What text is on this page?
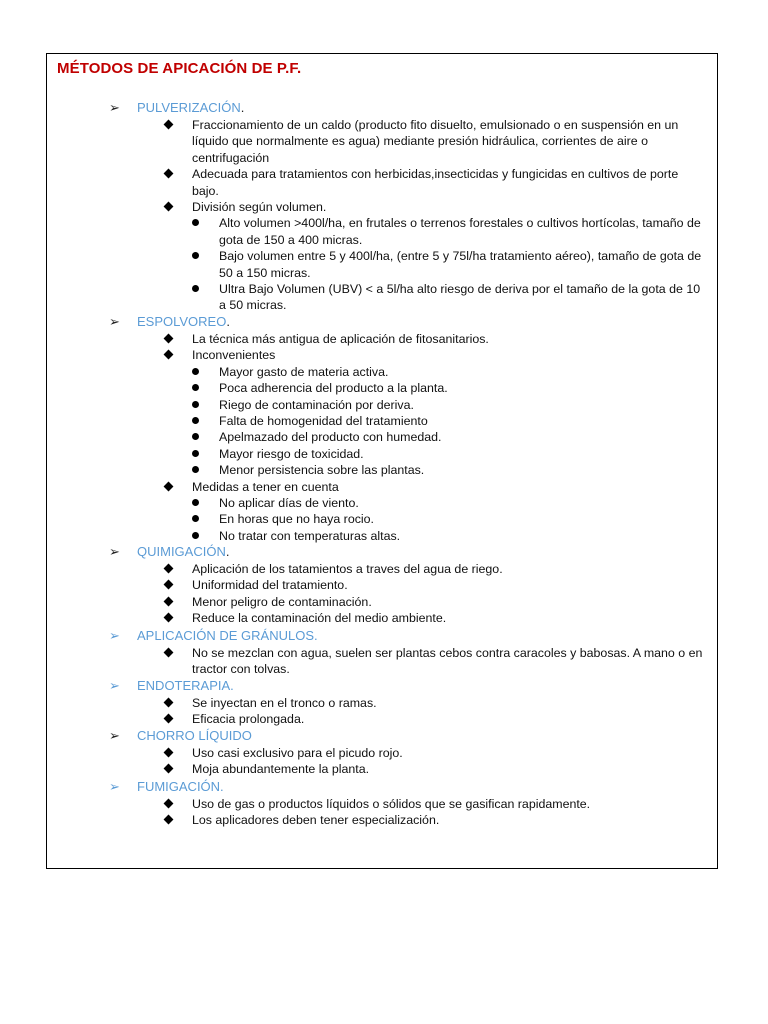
MÉTODOS DE APICACIÓN DE P.F.
➢ PULVERIZACIÓN.
Fraccionamiento de un caldo (producto fito disuelto, emulsionado o en suspensión en un líquido que normalmente es agua) mediante presión hidráulica, corrientes de aire o centrifugación
Adecuada para tratamientos con herbicidas,insecticidas y fungicidas en cultivos de porte bajo.
División según volumen.
Alto volumen >400l/ha, en frutales o terrenos forestales o cultivos hortícolas, tamaño de gota de 150 a 400 micras.
Bajo volumen entre 5 y 400l/ha, (entre 5 y 75l/ha tratamiento aéreo), tamaño de gota de 50 a 150 micras.
Ultra Bajo Volumen (UBV) < a 5l/ha alto riesgo de deriva por el tamaño de la gota de 10 a 50 micras.
➢ ESPOLVOREO.
La técnica más antigua de aplicación de fitosanitarios.
Inconvenientes
Mayor gasto de materia activa.
Poca adherencia del producto a la planta.
Riego de contaminación por deriva.
Falta de homogenidad del tratamiento
Apelmazado del producto con humedad.
Mayor riesgo de toxicidad.
Menor persistencia sobre las plantas.
Medidas a tener en cuenta
No aplicar días de viento.
En horas que no haya rocio.
No tratar con temperaturas altas.
➢ QUIMIGACIÓN.
Aplicación de los tatamientos a traves del agua de riego.
Uniformidad del tratamiento.
Menor peligro de contaminación.
Reduce la contaminación del medio ambiente.
➢ APLICACIÓN DE GRÁNULOS.
No se mezclan con agua, suelen ser plantas cebos contra caracoles y babosas. A mano o en tractor con tolvas.
➢ ENDOTERAPIA.
Se inyectan en el tronco o ramas.
Eficacia prolongada.
➢ CHORRO LÍQUIDO
Uso casi exclusivo para el picudo rojo.
Moja abundantemente la planta.
➢ FUMIGACIÓN.
Uso de gas o productos líquidos o sólidos que se gasifican rapidamente.
Los aplicadores deben tener especialización.
